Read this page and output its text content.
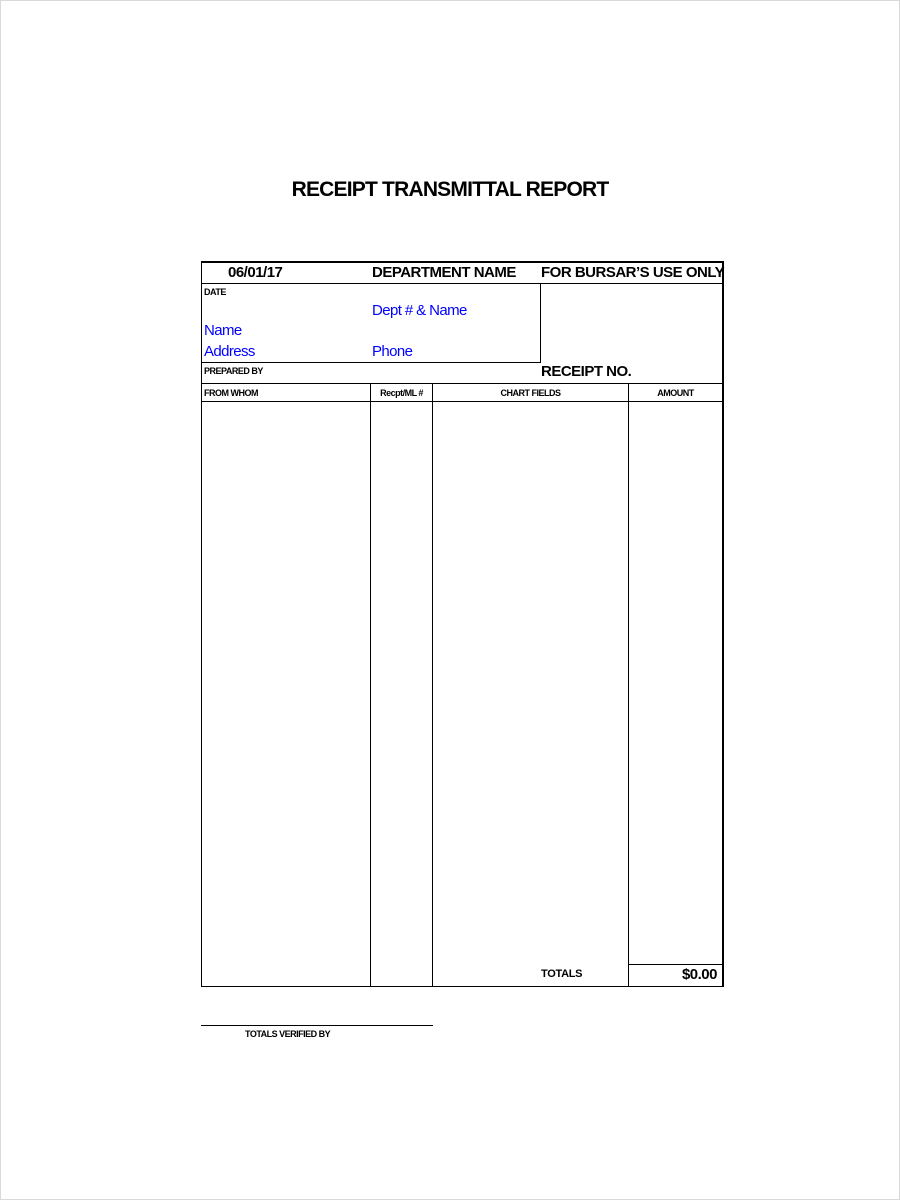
RECEIPT TRANSMITTAL REPORT
06/01/17	DEPARTMENT NAME FOR BURSAR’S USE ONLY
DATE
Dept # & Name
Name
Address	Phone
PREPARED BY	RECEIPT NO.
FROM WHOM	Recpt/ML #	CHART FIELDS	AMOUNT
TOTALS	$0.00
TOTALS VERIFIED BY
